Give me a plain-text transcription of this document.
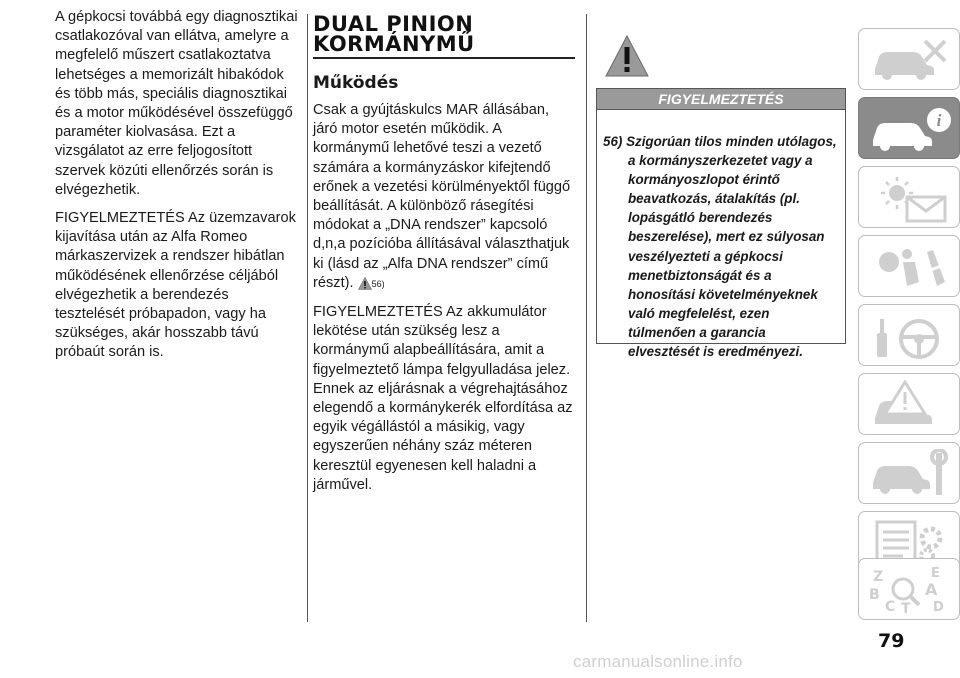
A gépkocsi továbbá egy diagnosztikai csatlakozóval van ellátva, amelyre a megfelelő műszert csatlakoztatva lehetséges a memorizált hibakódok és több más, speciális diagnosztikai és a motor működésével összefüggő paraméter kiolvasása. Ezt a vizsgálatot az erre feljogosított szervek közúti ellenőrzés során is elvégezhetik.

FIGYELMEZTETÉS Az üzemzavarok kijavítása után az Alfa Romeo márkaszervizek a rendszer hibátlan működésének ellenőrzése céljából elvégezhetik a berendezés tesztelését próbapadon, vagy ha szükséges, akár hosszabb távú próbaút során is.

DUAL PINION
KORMÁNYMŰ
Működés

Csak a gyújtáskulcs MAR állásában, járó motor esetén működik. A kormánymű lehetővé teszi a vezető számára a kormányzáskor kifejtendő erőnek a vezetési körülményektől függő beállítását. A különböző rásegítési módokat a „DNA rendszer” kapcsoló d,n,a pozícióba állításával választhatjuk ki (lásd az „Alfa DNA rendszer” című részt). 56)

FIGYELMEZTETÉS Az akkumulátor lekötése után szükség lesz a kormánymű alapbeállítására, amit a figyelmeztető lámpa felgyulladása jelez. Ennek az eljárásnak a végrehajtásához elegendő a kormánykerék elfordítása az egyik végállástól a másikig, vagy egyszerűen néhány száz méteren keresztül egyenesen kell haladni a járművel.

FIGYELMEZTETÉS
56) Szigorúan tilos minden utólagos, a kormányszerkezetet vagy a kormányoszlopot érintő beavatkozás, átalakítás (pl. lopásgátló berendezés beszerelése), mert ez súlyosan veszélyezteti a gépkocsi menetbiztonságát és a honosítási követelményeknek való megfelelést, ezen túlmenően a garancia elvesztését is eredményezi.
i
Z	E
A
B
C T D
79
carmanualsonline.info
